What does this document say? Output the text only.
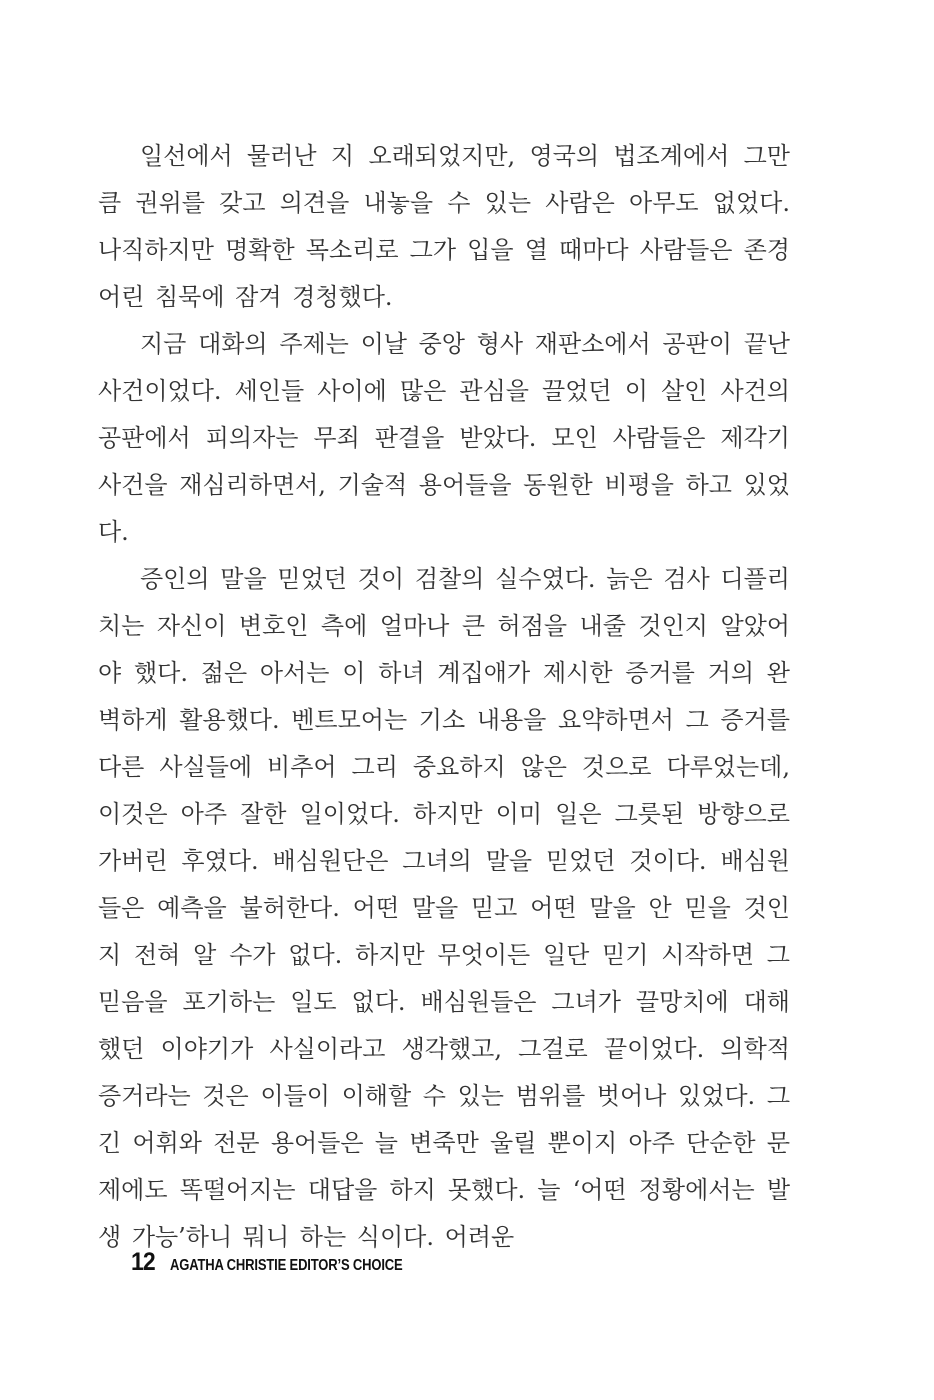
일선에서 물러난 지 오래되었지만, 영국의 법조계에서 그만큼 권위를 갖고 의견을 내놓을 수 있는 사람은 아무도 없었다. 나직하지만 명확한 목소리로 그가 입을 열 때마다 사람들은 존경 어린 침묵에 잠겨 경청했다.

지금 대화의 주제는 이날 중앙 형사 재판소에서 공판이 끝난 사건이었다. 세인들 사이에 많은 관심을 끌었던 이 살인 사건의 공판에서 피의자는 무죄 판결을 받았다. 모인 사람들은 제각기 사건을 재심리하면서, 기술적 용어들을 동원한 비평을 하고 있었다.

증인의 말을 믿었던 것이 검찰의 실수였다. 늙은 검사 디플리치는 자신이 변호인 측에 얼마나 큰 허점을 내줄 것인지 알았어야 했다. 젊은 아서는 이 하녀 계집애가 제시한 증거를 거의 완벽하게 활용했다. 벤트모어는 기소 내용을 요약하면서 그 증거를 다른 사실들에 비추어 그리 중요하지 않은 것으로 다루었는데, 이것은 아주 잘한 일이었다. 하지만 이미 일은 그릇된 방향으로 가버린 후였다. 배심원단은 그녀의 말을 믿었던 것이다. 배심원들은 예측을 불허한다. 어떤 말을 믿고 어떤 말을 안 믿을 것인지 전혀 알 수가 없다. 하지만 무엇이든 일단 믿기 시작하면 그 믿음을 포기하는 일도 없다. 배심원들은 그녀가 끌망치에 대해 했던 이야기가 사실이라고 생각했고, 그걸로 끝이었다. 의학적 증거라는 것은 이들이 이해할 수 있는 범위를 벗어나 있었다. 그 긴 어휘와 전문 용어들은 늘 변죽만 울릴 뿐이지 아주 단순한 문제에도 똑떨어지는 대답을 하지 못했다. 늘 ‘어떤 정황에서는 발생 가능’하니 뭐니 하는 식이다. 어려운

12 AGATHA CHRISTIE EDITOR’S CHOICE
